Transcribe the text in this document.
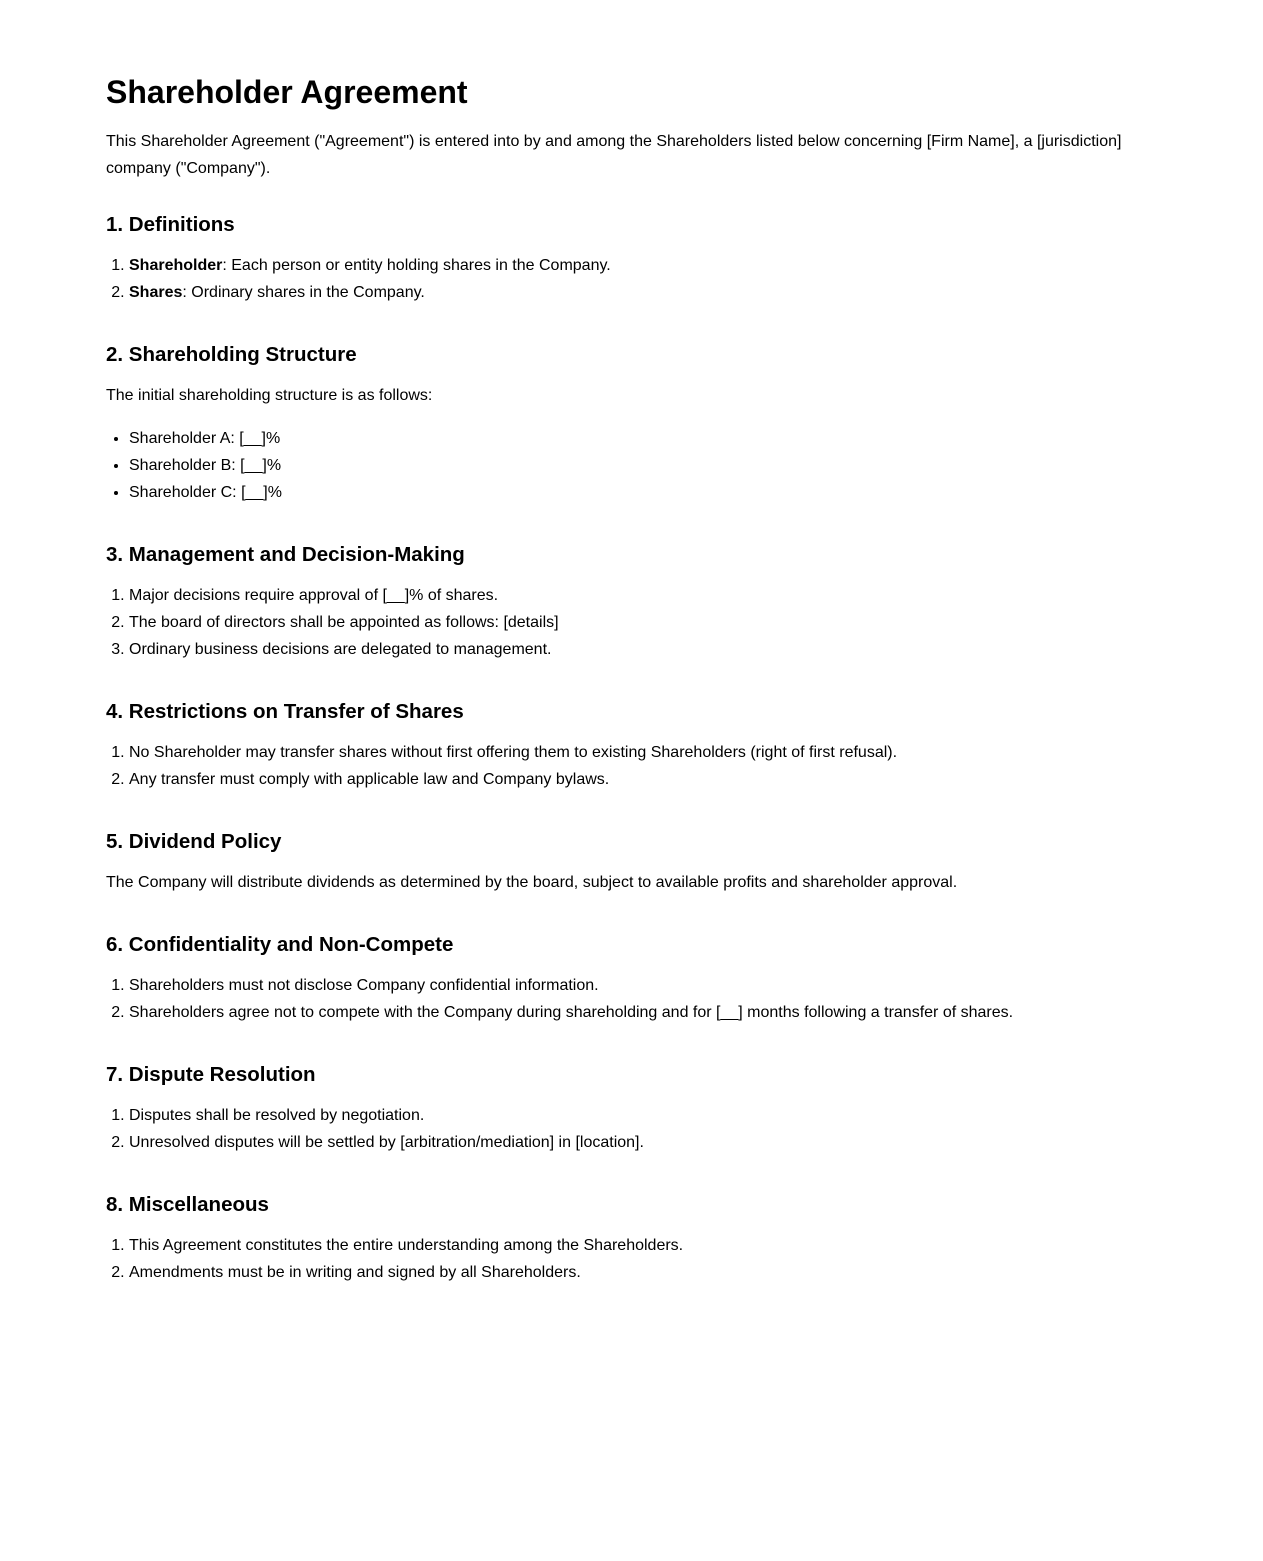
Shareholder Agreement

This Shareholder Agreement ("Agreement") is entered into by and among the Shareholders listed below concerning [Firm Name], a [jurisdiction] company ("Company").

1. Definitions
1. Shareholder: Each person or entity holding shares in the Company.
2. Shares: Ordinary shares in the Company.
2. Shareholding Structure

The initial shareholding structure is as follows:

• Shareholder A: [__]%
• Shareholder B: [__]%
• Shareholder C: [__]%
3. Management and Decision-Making
1. Major decisions require approval of [__]% of shares.
2. The board of directors shall be appointed as follows: [details]
3. Ordinary business decisions are delegated to management.
4. Restrictions on Transfer of Shares
1. No Shareholder may transfer shares without first offering them to existing Shareholders (right of first refusal).
2. Any transfer must comply with applicable law and Company bylaws.
5. Dividend Policy

The Company will distribute dividends as determined by the board, subject to available profits and shareholder approval.

6. Confidentiality and Non-Compete
1. Shareholders must not disclose Company confidential information.
2. Shareholders agree not to compete with the Company during shareholding and for [__] months following a transfer of shares.
7. Dispute Resolution
1. Disputes shall be resolved by negotiation.
2. Unresolved disputes will be settled by [arbitration/mediation] in [location].
8. Miscellaneous
1. This Agreement constitutes the entire understanding among the Shareholders.
2. Amendments must be in writing and signed by all Shareholders.
